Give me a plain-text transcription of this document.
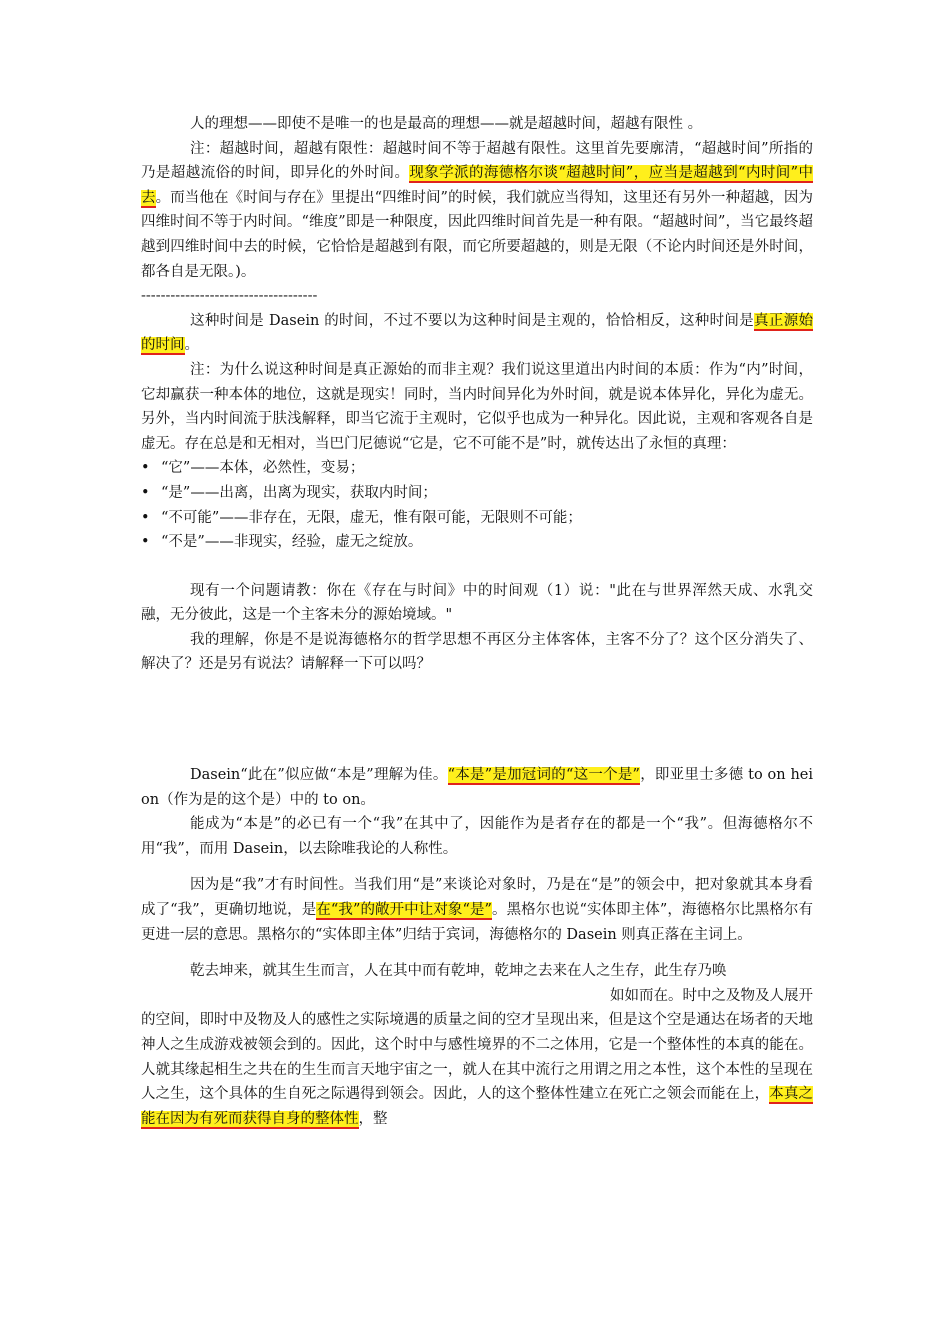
人的理想——即使不是唯一的也是最高的理想——就是超越时间，超越有限性 。

注：超越时间，超越有限性：超越时间不等于超越有限性。这里首先要廓清，“超越时间”所指的乃是超越流俗的时间，即异化的外时间。现象学派的海德格尔谈“超越时间”，应当是超越到“内时间”中去。而当他在《时间与存在》里提出“四维时间”的时候，我们就应当得知，这里还有另外一种超越，因为四维时间不等于内时间。“维度”即是一种限度，因此四维时间首先是一种有限。“超越时间”，当它最终超越到四维时间中去的时候，它恰恰是超越到有限，而它所要超越的，则是无限（不论内时间还是外时间，都各自是无限。)。

------------------------------------

这种时间是 Dasein 的时间，不过不要以为这种时间是主观的，恰恰相反，这种时间是真正源始的时间。

注：为什么说这种时间是真正源始的而非主观？我们说这里道出内时间的本质：作为“内”时间，它却赢获一种本体的地位，这就是现实！同时，当内时间异化为外时间，就是说本体异化，异化为虚无。另外，当内时间流于肤浅解释，即当它流于主观时，它似乎也成为一种异化。因此说，主观和客观各自是虚无。存在总是和无相对，当巴门尼德说“它是，它不可能不是”时，就传达出了永恒的真理：

• “它”——本体，必然性，变易；
• “是”——出离，出离为现实，获取内时间；
• “不可能”——非存在，无限，虚无，惟有限可能，无限则不可能；
• “不是”——非现实，经验，虚无之绽放。

现有一个问题请教：你在《存在与时间》中的时间观（1）说："此在与世界浑然天成、水乳交融，无分彼此，这是一个主客未分的源始境域。"

我的理解，你是不是说海德格尔的哲学思想不再区分主体客体，主客不分了？这个区分消失了、解决了？还是另有说法？请解释一下可以吗？

Dasein“此在”似应做“本是”理解为佳。“本是”是加冠词的“这一个是”，即亚里士多德 to on hei on（作为是的这个是）中的 to on。

能成为“本是”的必已有一个“我”在其中了，因能作为是者存在的都是一个“我”。但海德格尔不用“我”，而用 Dasein，以去除唯我论的人称性。

因为是“我”才有时间性。当我们用“是”来谈论对象时，乃是在“是”的领会中，把对象就其本身看成了“我”，更确切地说，是在“我”的敞开中让对象“是”。黑格尔也说“实体即主体”，海德格尔比黑格尔有更进一层的意思。黑格尔的“实体即主体”归结于宾词，海德格尔的 Dasein 则真正落在主词上。

乾去坤来，就其生生而言，人在其中而有乾坤，乾坤之去来在人之生存，此生存乃唤

如如而在。时中之及物及人展开

的空间，即时中及物及人的感性之实际境遇的质量之间的空才呈现出来，但是这个空是通达在场者的天地神人之生成游戏被领会到的。因此，这个时中与感性境界的不二之体用，它是一个整体性的本真的能在。人就其缘起相生之共在的生生而言天地宇宙之一，就人在其中流行之用谓之用之本性，这个本性的呈现在人之生，这个具体的生自死之际遇得到领会。因此，人的这个整体性建立在死亡之领会而能在上，本真之能在因为有死而获得自身的整体性，整
